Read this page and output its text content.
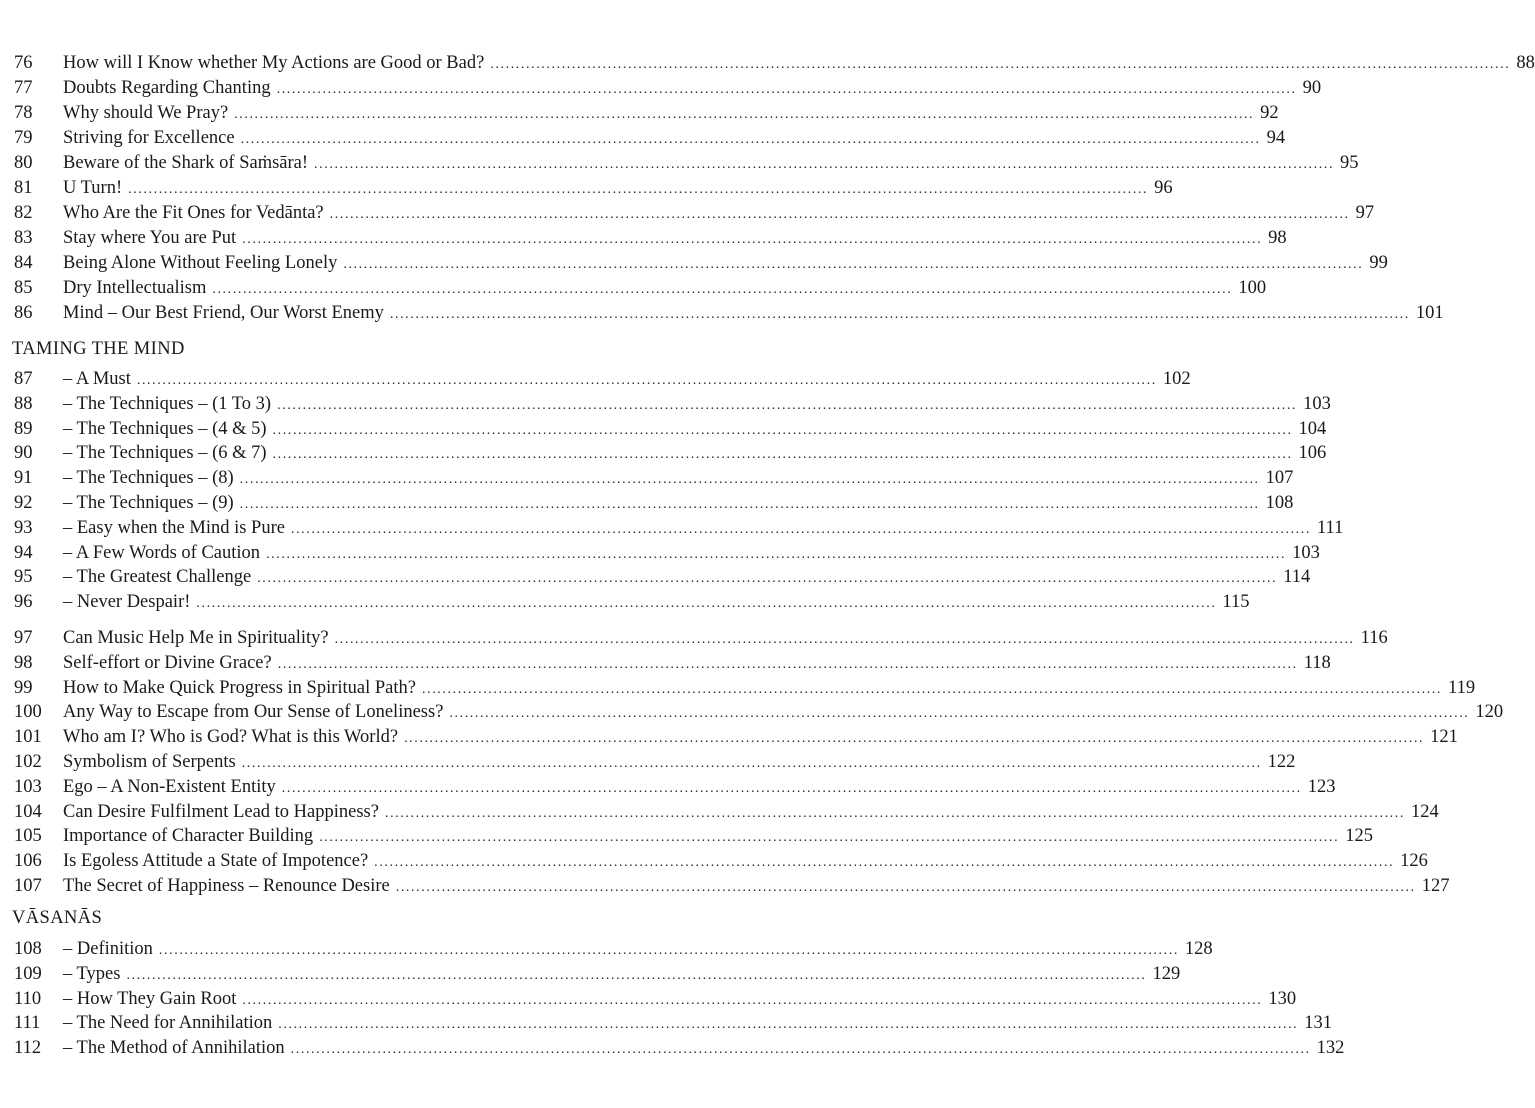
76	How will I Know whether My Actions are Good or Bad? ........................................................................................................................................................................................................ 88
77	Doubts Regarding Chanting ........................................................................................................................................................................................................ 90
78	Why should We Pray? ........................................................................................................................................................................................................ 92
79	Striving for Excellence ........................................................................................................................................................................................................ 94
80	Beware of the Shark of Saṁsāra! ........................................................................................................................................................................................................ 95
81	U Turn! ........................................................................................................................................................................................................ 96
82	Who Are the Fit Ones for Vedānta? ........................................................................................................................................................................................................ 97
83	Stay where You are Put ........................................................................................................................................................................................................ 98
84	Being Alone Without Feeling Lonely ........................................................................................................................................................................................................ 99
85	Dry Intellectualism ........................................................................................................................................................................................................ 100
86	Mind – Our Best Friend, Our Worst Enemy ........................................................................................................................................................................................................ 101
TAMING THE MIND
87	– A Must ........................................................................................................................................................................................................ 102
88	– The Techniques – (1 To 3) ........................................................................................................................................................................................................ 103
89	– The Techniques – (4 & 5) ........................................................................................................................................................................................................ 104
90	– The Techniques – (6 & 7) ........................................................................................................................................................................................................ 106
91	– The Techniques – (8) ........................................................................................................................................................................................................ 107
92	– The Techniques – (9) ........................................................................................................................................................................................................ 108
93	– Easy when the Mind is Pure ........................................................................................................................................................................................................ 111
94	– A Few Words of Caution ........................................................................................................................................................................................................ 103
95	– The Greatest Challenge ........................................................................................................................................................................................................ 114
96	– Never Despair! ........................................................................................................................................................................................................ 115
97	Can Music Help Me in Spirituality? ........................................................................................................................................................................................................ 116
98	Self-effort or Divine Grace? ........................................................................................................................................................................................................ 118
99	How to Make Quick Progress in Spiritual Path? ........................................................................................................................................................................................................ 119
100	Any Way to Escape from Our Sense of Loneliness? ........................................................................................................................................................................................................ 120
101	Who am I? Who is God? What is this World? ........................................................................................................................................................................................................ 121
102	Symbolism of Serpents ........................................................................................................................................................................................................ 122
103	Ego – A Non-Existent Entity ........................................................................................................................................................................................................ 123
104	Can Desire Fulfilment Lead to Happiness? ........................................................................................................................................................................................................ 124
105	Importance of Character Building ........................................................................................................................................................................................................ 125
106	Is Egoless Attitude a State of Impotence? ........................................................................................................................................................................................................ 126
107	The Secret of Happiness – Renounce Desire ........................................................................................................................................................................................................ 127
VĀSANĀS
108	– Definition ........................................................................................................................................................................................................ 128
109	– Types ........................................................................................................................................................................................................ 129
110	– How They Gain Root ........................................................................................................................................................................................................ 130
111	– The Need for Annihilation ........................................................................................................................................................................................................ 131
112	– The Method of Annihilation ........................................................................................................................................................................................................ 132
